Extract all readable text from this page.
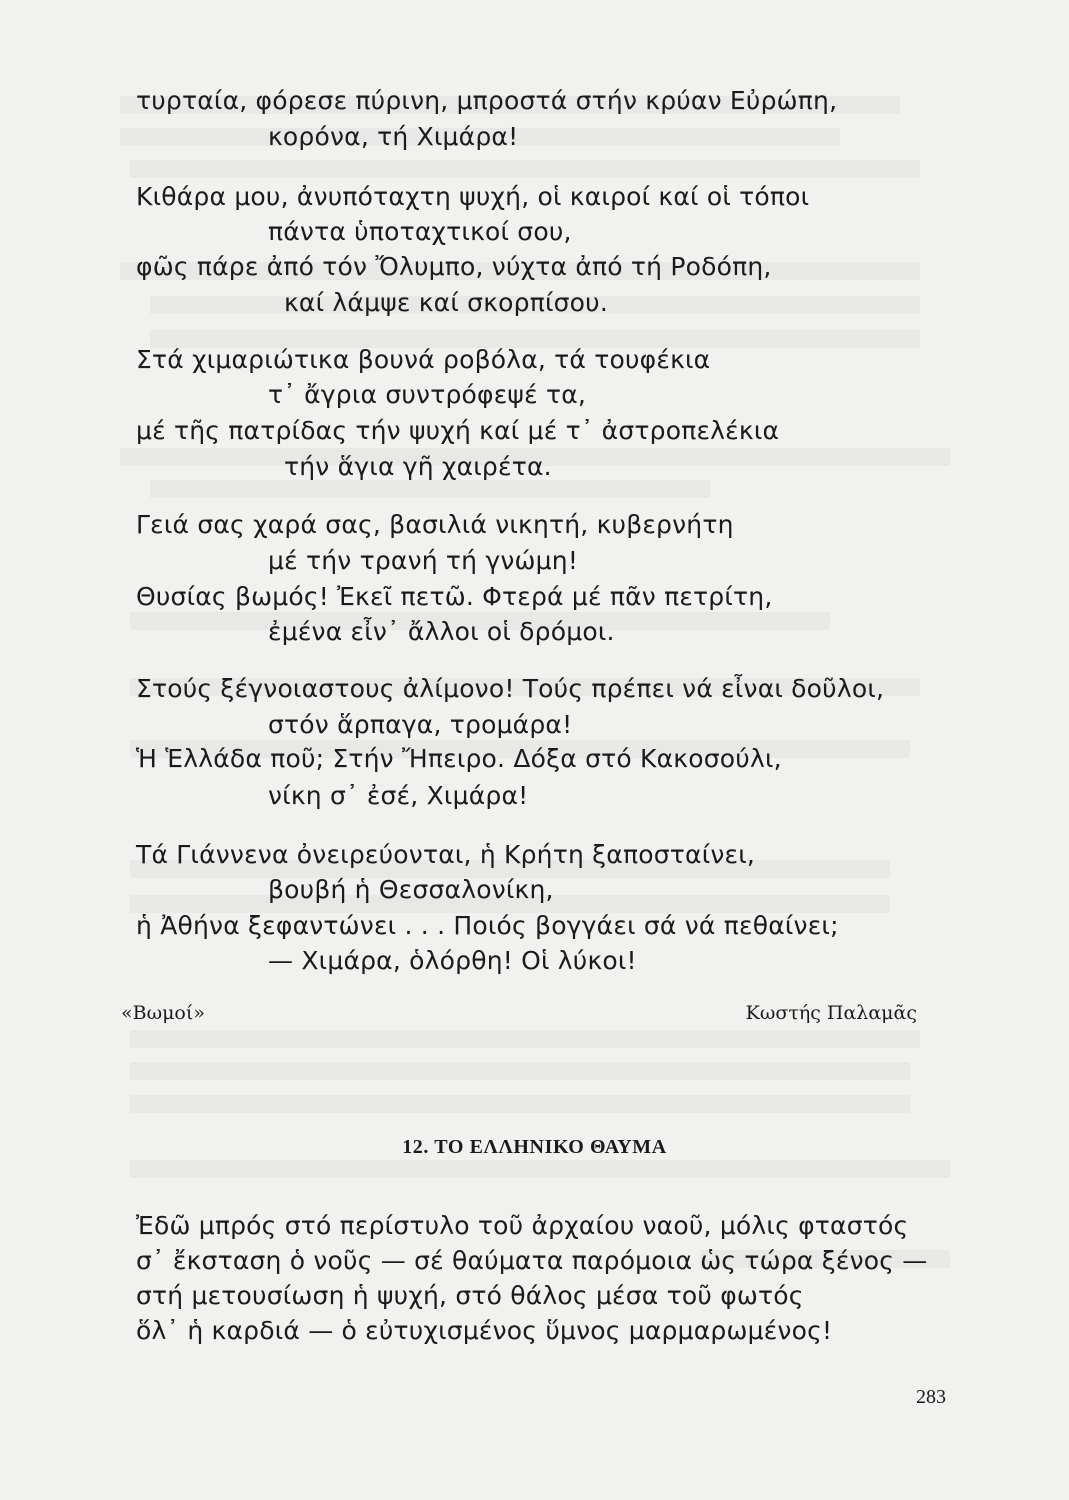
τυρταία, φόρεσε πύρινη, μπροστά στήν κρύαν Εὐρώπη,
κορόνα, τή Χιμάρα!
Κιθάρα μου, ἀνυπόταχτη ψυχή, οἱ καιροί καί οἱ τόποι
πάντα ὑποταχτικοί σου,
φῶς πάρε ἀπό τόν Ὄλυμπο, νύχτα ἀπό τή Ροδόπη,
καί λάμψε καί σκορπίσου.
Στά χιμαριώτικα βουνά ροβόλα, τά τουφέκια
τ᾽ ἄγρια συντρόφεψέ τα,
μέ τῆς πατρίδας τήν ψυχή καί μέ τ᾽ ἀστροπελέκια
τήν ἅγια γῆ χαιρέτα.
Γειά σας χαρά σας, βασιλιά νικητή, κυβερνήτη
μέ τήν τρανή τή γνώμη!
Θυσίας βωμός! Ἐκεῖ πετῶ. Φτερά μέ πᾶν πετρίτη,
ἐμένα εἶν᾽ ἄλλοι οἱ δρόμοι.
Στούς ξέγνοιαστους ἀλίμονο! Τούς πρέπει νά εἶναι δοῦλοι,
στόν ἅρπαγα, τρομάρα!
Ἡ Ἑλλάδα ποῦ; Στήν Ἤπειρο. Δόξα στό Κακοσούλι,
νίκη σ᾽ ἐσέ, Χιμάρα!
Τά Γιάννενα ὀνειρεύονται, ἡ Κρήτη ξαποσταίνει,
βουβή ἡ Θεσσαλονίκη,
ἡ Ἀθήνα ξεφαντώνει . . . Ποιός βογγάει σά νά πεθαίνει;
— Χιμάρα, ὁλόρθη! Οἱ λύκοι!
«Βωμοί»	Κωστής Παλαμᾶς
12. ΤΟ ΕΛΛΗΝΙΚΟ ΘΑΥΜΑ
Ἐδῶ μπρός στό περίστυλο τοῦ ἀρχαίου ναοῦ, μόλις φταστός
σ᾽ ἔκσταση ὁ νοῦς — σέ θαύματα παρόμοια ὡς τώρα ξένος —
στή μετουσίωση ἡ ψυχή, στό θάλος μέσα τοῦ φωτός
ὅλ᾽ ἡ καρδιά — ὁ εὐτυχισμένος ὕμνος μαρμαρωμένος!
283
